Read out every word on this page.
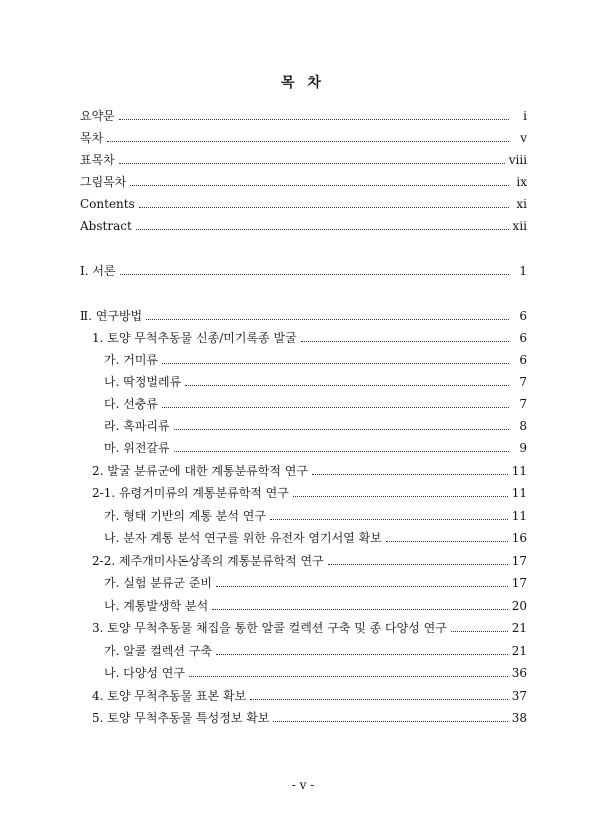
목 차
요약문	i
목차	v
표목차	ⅷ
그림목차	ix
Contents	xi
Abstract	xii
Ⅰ. 서론	1
Ⅱ. 연구방법	6
1. 토양 무척추동물 신종/미기록종 발굴	6
가. 거미류	6
나. 딱정벌레류	7
다. 선충류	7
라. 혹파리류	8
마. 위전갈류	9
2. 발굴 분류군에 대한 계통분류학적 연구	11
2-1. 유령거미류의 계통분류학적 연구	11
가. 형태 기반의 계통 분석 연구	11
나. 분자 계통 분석 연구를 위한 유전자 염기서열 확보	16
2-2. 제주개미사돈상족의 계통분류학적 연구	17
가. 실험 분류군 준비	17
나. 계통발생학 분석	20
3. 토양 무척추동물 채집을 통한 알콜 컬렉션 구축 및 종 다양성 연구	21
가. 알콜 컬렉션 구축	21
나. 다양성 연구	36
4. 토양 무척추동물 표본 확보	37
5. 토양 무척추동물 특성정보 확보	38
- v -
